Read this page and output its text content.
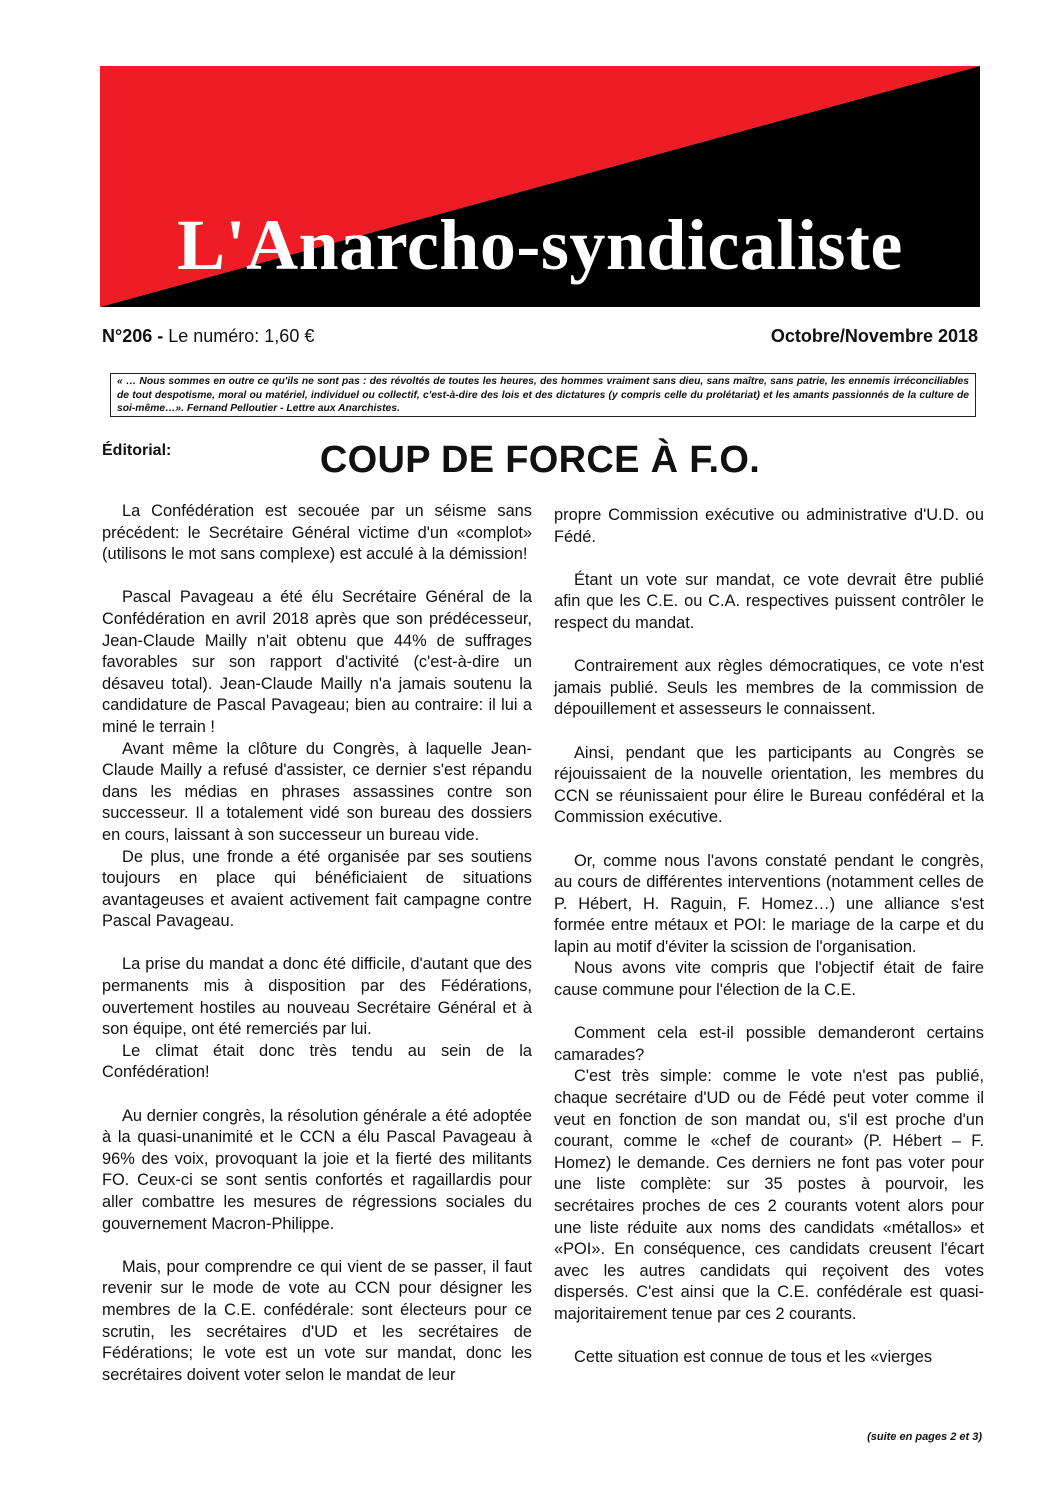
L'Anarcho-syndicaliste
N°206 - Le numéro: 1,60 €	Octobre/Novembre 2018
« … Nous sommes en outre ce qu'ils ne sont pas : des révoltés de toutes les heures, des hommes vraiment sans dieu, sans maître, sans patrie, les ennemis irréconciliables de tout despotisme, moral ou matériel, individuel ou collectif, c'est-à-dire des lois et des dictatures (y compris celle du prolétariat) et les amants passionnés de la culture de soi-même…». Fernand Pelloutier - Lettre aux Anarchistes.
Éditorial:	COUP DE FORCE À F.O.

La Confédération est secouée par un séisme sans précédent: le Secrétaire Général victime d'un «complot» (utilisons le mot sans complexe) est acculé à la démission!

Pascal Pavageau a été élu Secrétaire Général de la Confédération en avril 2018 après que son prédécesseur, Jean-Claude Mailly n'ait obtenu que 44% de suffrages favorables sur son rapport d'activité (c'est-à-dire un désaveu total). Jean-Claude Mailly n'a jamais soutenu la candidature de Pascal Pavageau; bien au contraire: il lui a miné le terrain !

Avant même la clôture du Congrès, à laquelle Jean-Claude Mailly a refusé d'assister, ce dernier s'est répandu dans les médias en phrases assassines contre son successeur. Il a totalement vidé son bureau des dossiers en cours, laissant à son successeur un bureau vide.

De plus, une fronde a été organisée par ses soutiens toujours en place qui bénéficiaient de situations avantageuses et avaient activement fait campagne contre Pascal Pavageau.

La prise du mandat a donc été difficile, d'autant que des permanents mis à disposition par des Fédérations, ouvertement hostiles au nouveau Secrétaire Général et à son équipe, ont été remerciés par lui.

Le climat était donc très tendu au sein de la Confédération!

Au dernier congrès, la résolution générale a été adoptée à la quasi-unanimité et le CCN a élu Pascal Pavageau à 96% des voix, provoquant la joie et la fierté des militants FO. Ceux-ci se sont sentis confortés et ragaillardis pour aller combattre les mesures de régressions sociales du gouvernement Macron-Philippe.

Mais, pour comprendre ce qui vient de se passer, il faut revenir sur le mode de vote au CCN pour désigner les membres de la C.E. confédérale: sont électeurs pour ce scrutin, les secrétaires d'UD et les secrétaires de Fédérations; le vote est un vote sur mandat, donc les secrétaires doivent voter selon le mandat de leur

propre Commission exécutive ou administrative d'U.D. ou Fédé.

Étant un vote sur mandat, ce vote devrait être publié afin que les C.E. ou C.A. respectives puissent contrôler le respect du mandat.

Contrairement aux règles démocratiques, ce vote n'est jamais publié. Seuls les membres de la commission de dépouillement et assesseurs le connaissent.

Ainsi, pendant que les participants au Congrès se réjouissaient de la nouvelle orientation, les membres du CCN se réunissaient pour élire le Bureau confédéral et la Commission exécutive.

Or, comme nous l'avons constaté pendant le congrès, au cours de différentes interventions (notamment celles de P. Hébert, H. Raguin, F. Homez…) une alliance s'est formée entre métaux et POI: le mariage de la carpe et du lapin au motif d'éviter la scission de l'organisation.

Nous avons vite compris que l'objectif était de faire cause commune pour l'élection de la C.E.

Comment cela est-il possible demanderont certains camarades?

C'est très simple: comme le vote n'est pas publié, chaque secrétaire d'UD ou de Fédé peut voter comme il veut en fonction de son mandat ou, s'il est proche d'un courant, comme le «chef de courant» (P. Hébert – F. Homez) le demande. Ces derniers ne font pas voter pour une liste complète: sur 35 postes à pourvoir, les secrétaires proches de ces 2 courants votent alors pour une liste réduite aux noms des candidats «métallos» et «POI». En conséquence, ces candidats creusent l'écart avec les autres candidats qui reçoivent des votes dispersés. C'est ainsi que la C.E. confédérale est quasi-majoritairement tenue par ces 2 courants.

Cette situation est connue de tous et les «vierges

(suite en pages 2 et 3)
